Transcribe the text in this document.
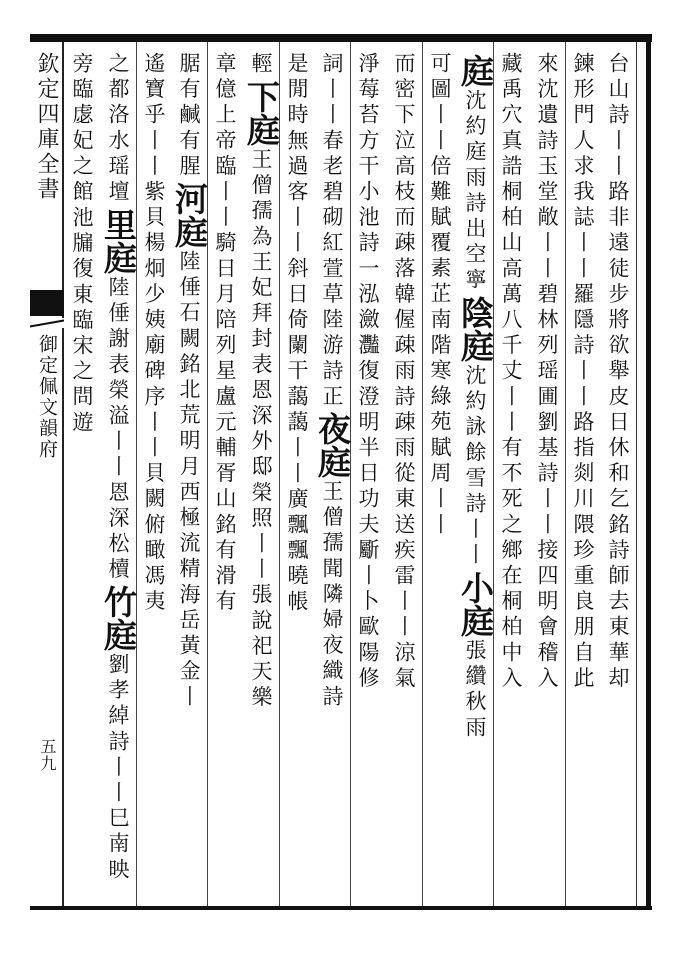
欽定四庫全書
御定佩文韻府
五九
台山詩丨丨路非遠徒步將欲舉皮日休和乞銘詩師去東華却
鍊形門人求我誌丨丨羅隱詩丨丨路指剡川隈珍重良朋自此
來沈遺詩玉堂敞丨丨碧林列瑶圃劉基詩丨丨接四明會稽入
藏禹穴真誥桐柏山高萬八千丈丨丨有不死之鄉在桐柏中入
庭
沈約庭雨詩出空寧
陰庭
沈約詠餘雪詩丨丨
小庭
張纘秋雨
可圖丨丨倍難賦
覆素芷南階寒綠苑
賦周丨丨
而密下泣高枝而疎落韓偓疎雨詩疎雨從東送疾雷丨丨涼氣
淨莓苔方干小池詩一泓瀲灩復澄明半日功夫斸丨卜歐陽修
詞丨丨春老碧砌紅萱草陸游詩正
夜庭
王僧孺聞隣婦夜織詩
是閒時無過客丨丨斜日倚闌干
藹藹丨丨廣飄飄曉帳
輕
下庭
王僧孺為王妃拜封表恩深外邸榮照丨丨張說祀天樂
章億上帝臨丨丨騎日月陪列星盧元輔胥山銘有滑有
腒有鹹有腥
河庭
陸倕石闕銘北荒明月西極流精海岳黃金丨
遙寶乎丨丨
紫貝楊炯少姨廟碑序丨丨貝闕俯瞰馮夷
之都洛水瑶壇
里庭
陸倕謝表榮溢丨丨恩深松櫝
竹庭
劉孝綽詩丨丨巳南映
旁臨虙妃之館
池牖復東臨宋之問遊
